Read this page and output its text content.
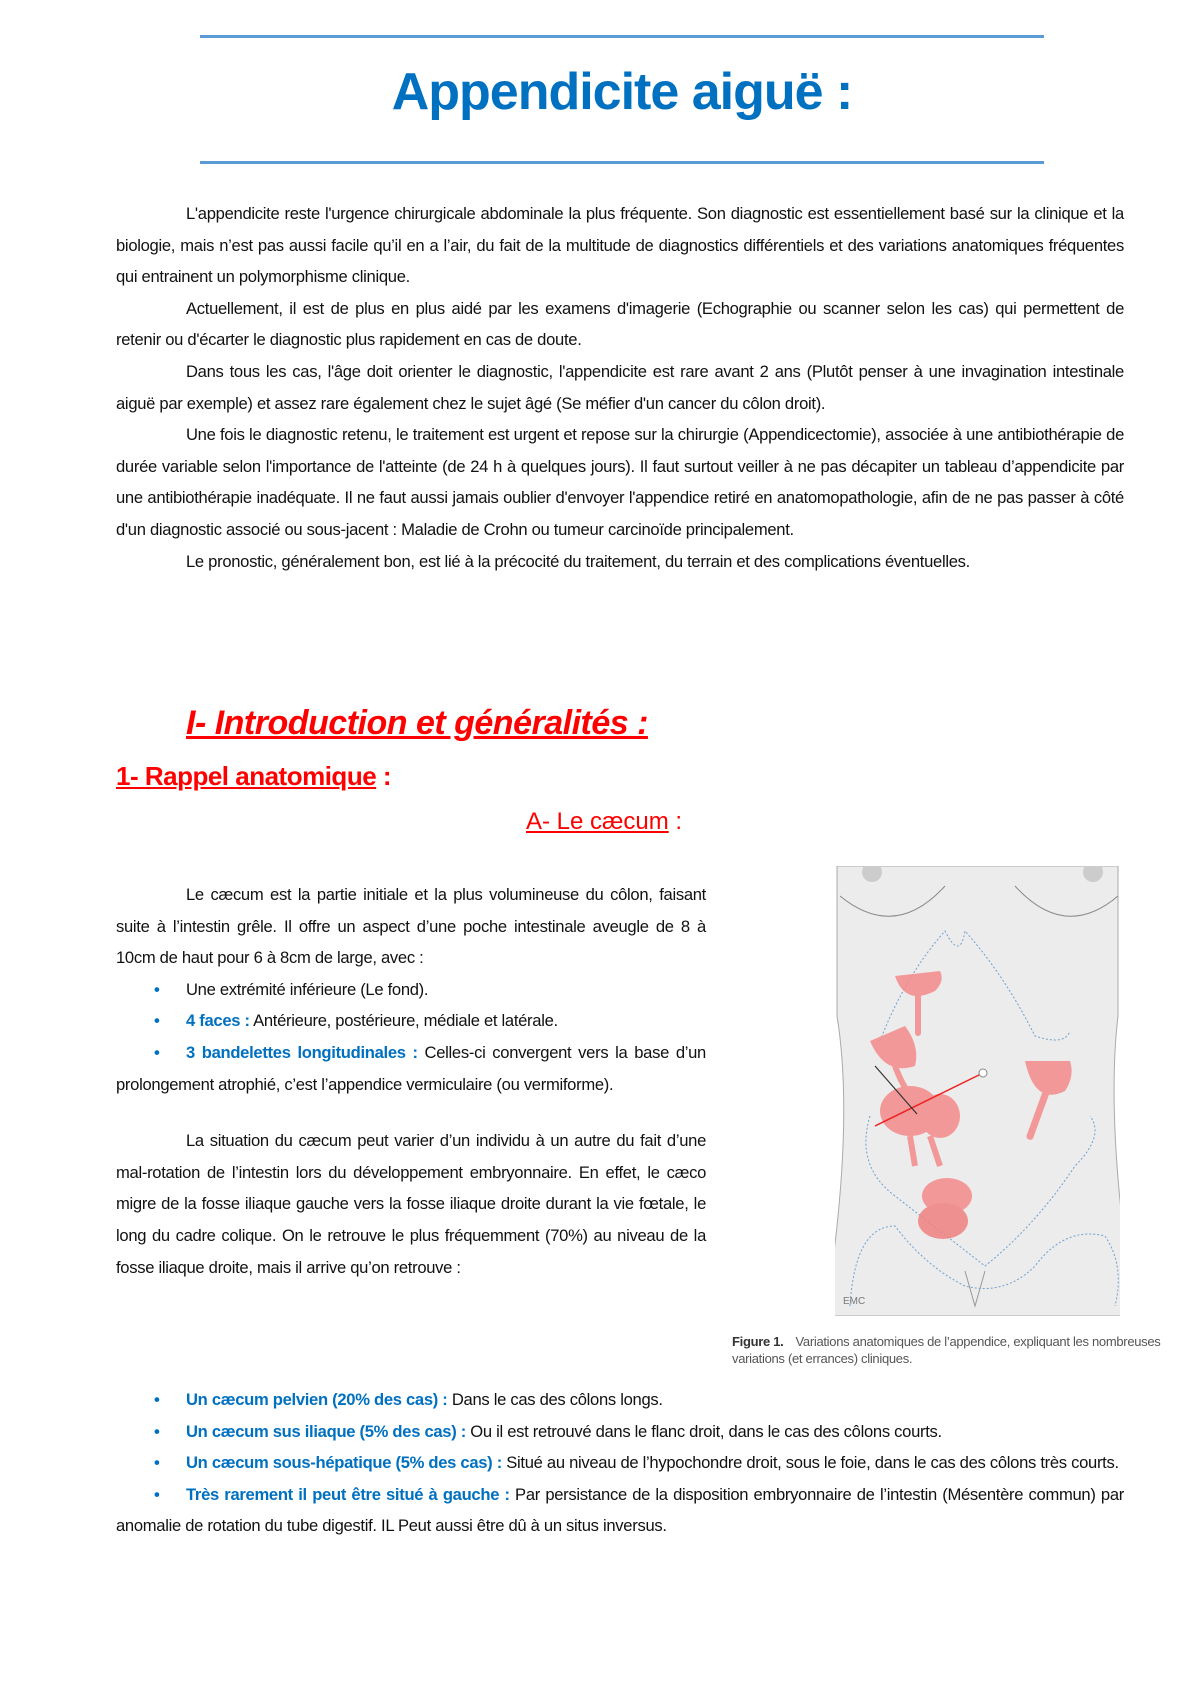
Appendicite aiguë :

L'appendicite reste l'urgence chirurgicale abdominale la plus fréquente. Son diagnostic est essentiellement basé sur la clinique et la biologie, mais n’est pas aussi facile qu’il en a l’air, du fait de la multitude de diagnostics différentiels et des variations anatomiques fréquentes qui entrainent un polymorphisme clinique.

Actuellement, il est de plus en plus aidé par les examens d'imagerie (Echographie ou scanner selon les cas) qui permettent de retenir ou d'écarter le diagnostic plus rapidement en cas de doute.

Dans tous les cas, l'âge doit orienter le diagnostic, l'appendicite est rare avant 2 ans (Plutôt penser à une invagination intestinale aiguë par exemple) et assez rare également chez le sujet âgé (Se méfier d'un cancer du côlon droit).

Une fois le diagnostic retenu, le traitement est urgent et repose sur la chirurgie (Appendicectomie), associée à une antibiothérapie de durée variable selon l'importance de l'atteinte (de 24 h à quelques jours). Il faut surtout veiller à ne pas décapiter un tableau d’appendicite par une antibiothérapie inadéquate. Il ne faut aussi jamais oublier d'envoyer l'appendice retiré en anatomopathologie, afin de ne pas passer à côté d'un diagnostic associé ou sous-jacent : Maladie de Crohn ou tumeur carcinoïde principalement.

Le pronostic, généralement bon, est lié à la précocité du traitement, du terrain et des complications éventuelles.

I- Introduction et généralités :
1- Rappel anatomique :
A- Le cæcum :

Le cæcum est la partie initiale et la plus volumineuse du côlon, faisant suite à l’intestin grêle. Il offre un aspect d’une poche intestinale aveugle de 8 à 10cm de haut pour 6 à 8cm de large, avec :

• Une extrémité inférieure (Le fond).

• 4 faces : Antérieure, postérieure, médiale et latérale.

• 3 bandelettes longitudinales : Celles-ci convergent vers la base d’un prolongement atrophié, c’est l’appendice vermiculaire (ou vermiforme).

La situation du cæcum peut varier d’un individu à un autre du fait d’une mal-rotation de l’intestin lors du développement embryonnaire. En effet, le cæco migre de la fosse iliaque gauche vers la fosse iliaque droite durant la vie fœtale, le long du cadre colique. On le retrouve le plus fréquemment (70%) au niveau de la fosse iliaque droite, mais il arrive qu’on retrouve :

EMC
Figure 1. Variations anatomiques de l’appendice, expliquant les nombreuses variations (et errances) cliniques.

• Un cæcum pelvien (20% des cas) : Dans le cas des côlons longs.

• Un cæcum sus iliaque (5% des cas) : Ou il est retrouvé dans le flanc droit, dans le cas des côlons courts.

• Un cæcum sous-hépatique (5% des cas) : Situé au niveau de l’hypochondre droit, sous le foie, dans le cas des côlons très courts.

• Très rarement il peut être situé à gauche : Par persistance de la disposition embryonnaire de l’intestin (Mésentère commun) par anomalie de rotation du tube digestif. IL Peut aussi être dû à un situs inversus.
